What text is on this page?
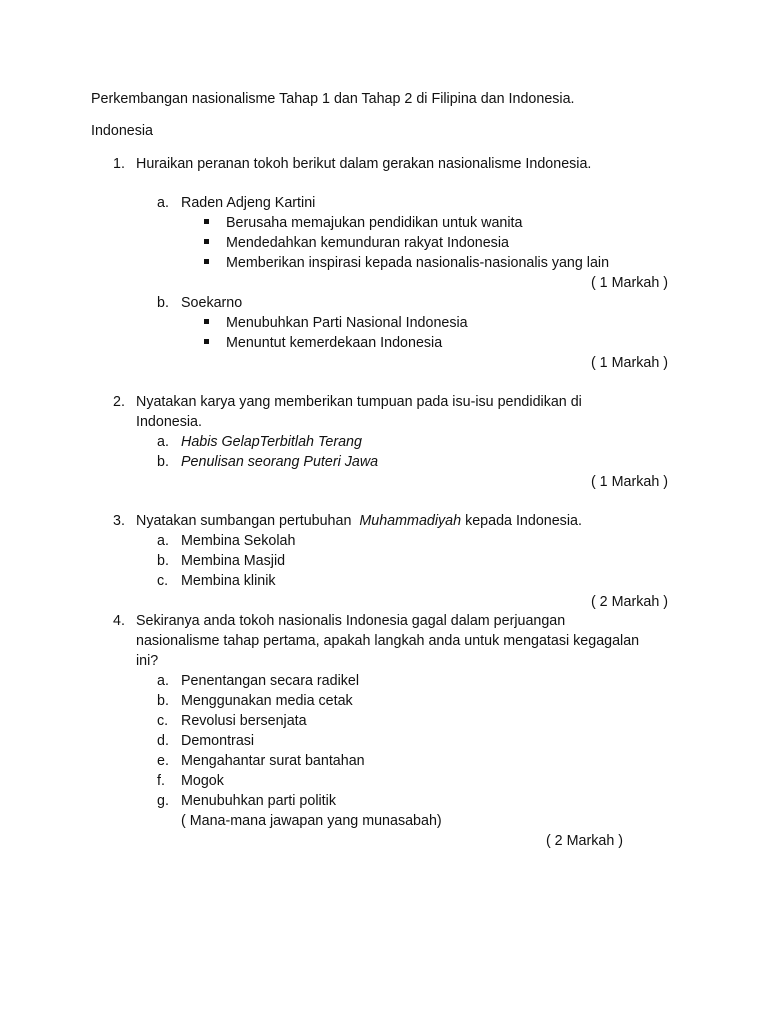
Perkembangan nasionalisme Tahap 1 dan Tahap 2 di Filipina dan Indonesia.
Indonesia
1. Huraikan peranan tokoh berikut dalam gerakan nasionalisme Indonesia.
a. Raden Adjeng Kartini
Berusaha memajukan pendidikan untuk wanita
Mendedahkan kemunduran rakyat Indonesia
Memberikan inspirasi kepada nasionalis-nasionalis yang lain
( 1 Markah )
b. Soekarno
Menubuhkan Parti Nasional Indonesia
Menuntut kemerdekaan Indonesia
( 1 Markah )
2. Nyatakan karya yang memberikan tumpuan pada isu-isu pendidikan di
Indonesia.
a. Habis GelapTerbitlah Terang
b. Penulisan seorang Puteri Jawa
( 1 Markah )
3. Nyatakan sumbangan pertubuhan Muhammadiyah kepada Indonesia.
a. Membina Sekolah
b. Membina Masjid
c. Membina klinik
( 2 Markah )
4. Sekiranya anda tokoh nasionalis Indonesia gagal dalam perjuangan
nasionalisme tahap pertama, apakah langkah anda untuk mengatasi kegagalan
ini?
a. Penentangan secara radikel
b. Menggunakan media cetak
c. Revolusi bersenjata
d. Demontrasi
e. Mengahantar surat bantahan
f. Mogok
g. Menubuhkan parti politik
( Mana-mana jawapan yang munasabah)
( 2 Markah )
